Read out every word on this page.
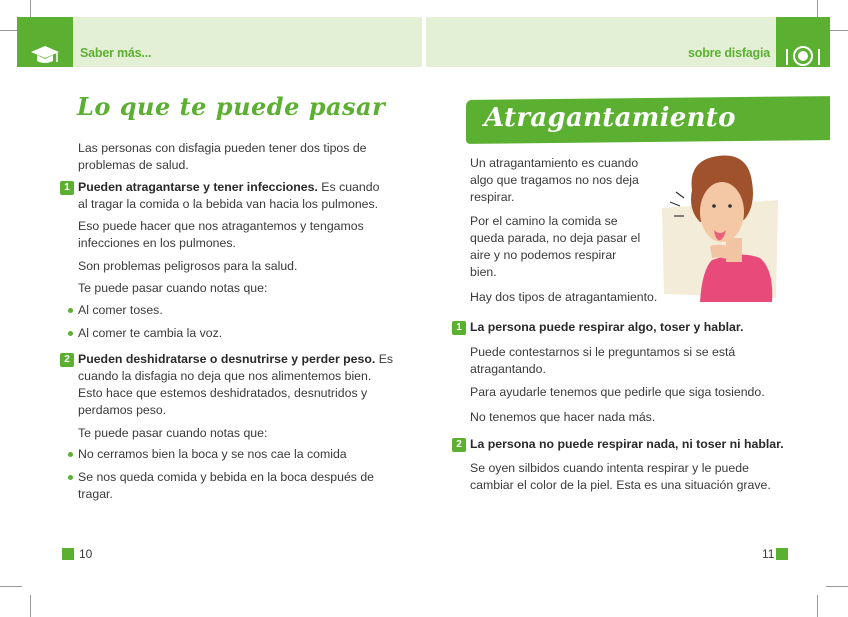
Saber más...	sobre disfagia
Lo que te puede pasar
Las personas con disfagia pueden tener dos tipos de
problemas de salud.
1 Pueden atragantarse y tener infecciones. Es cuando
al tragar la comida o la bebida van hacia los pulmones.
Eso puede hacer que nos atragantemos y tengamos
infecciones en los pulmones.
Son problemas peligrosos para la salud.
Te puede pasar cuando notas que:
Al comer toses.
Al comer te cambia la voz.
2 Pueden deshidratarse o desnutrirse y perder peso. Es
cuando la disfagia no deja que nos alimentemos bien.
Esto hace que estemos deshidratados, desnutridos y
perdamos peso.
Te puede pasar cuando notas que:
No cerramos bien la boca y se nos cae la comida
Se nos queda comida y bebida en la boca después de
tragar.
10
Atragantamiento
Un atragantamiento es cuando
algo que tragamos no nos deja
respirar.
Por el camino la comida se
queda parada, no deja pasar el
aire y no podemos respirar
bien.
Hay dos tipos de atragantamiento.
1 La persona puede respirar algo, toser y hablar.
Puede contestarnos si le preguntamos si se está
atragantando.
Para ayudarle tenemos que pedirle que siga tosiendo.
No tenemos que hacer nada más.
2 La persona no puede respirar nada, ni toser ni hablar.
Se oyen silbidos cuando intenta respirar y le puede
cambiar el color de la piel. Esta es una situación grave.
11
